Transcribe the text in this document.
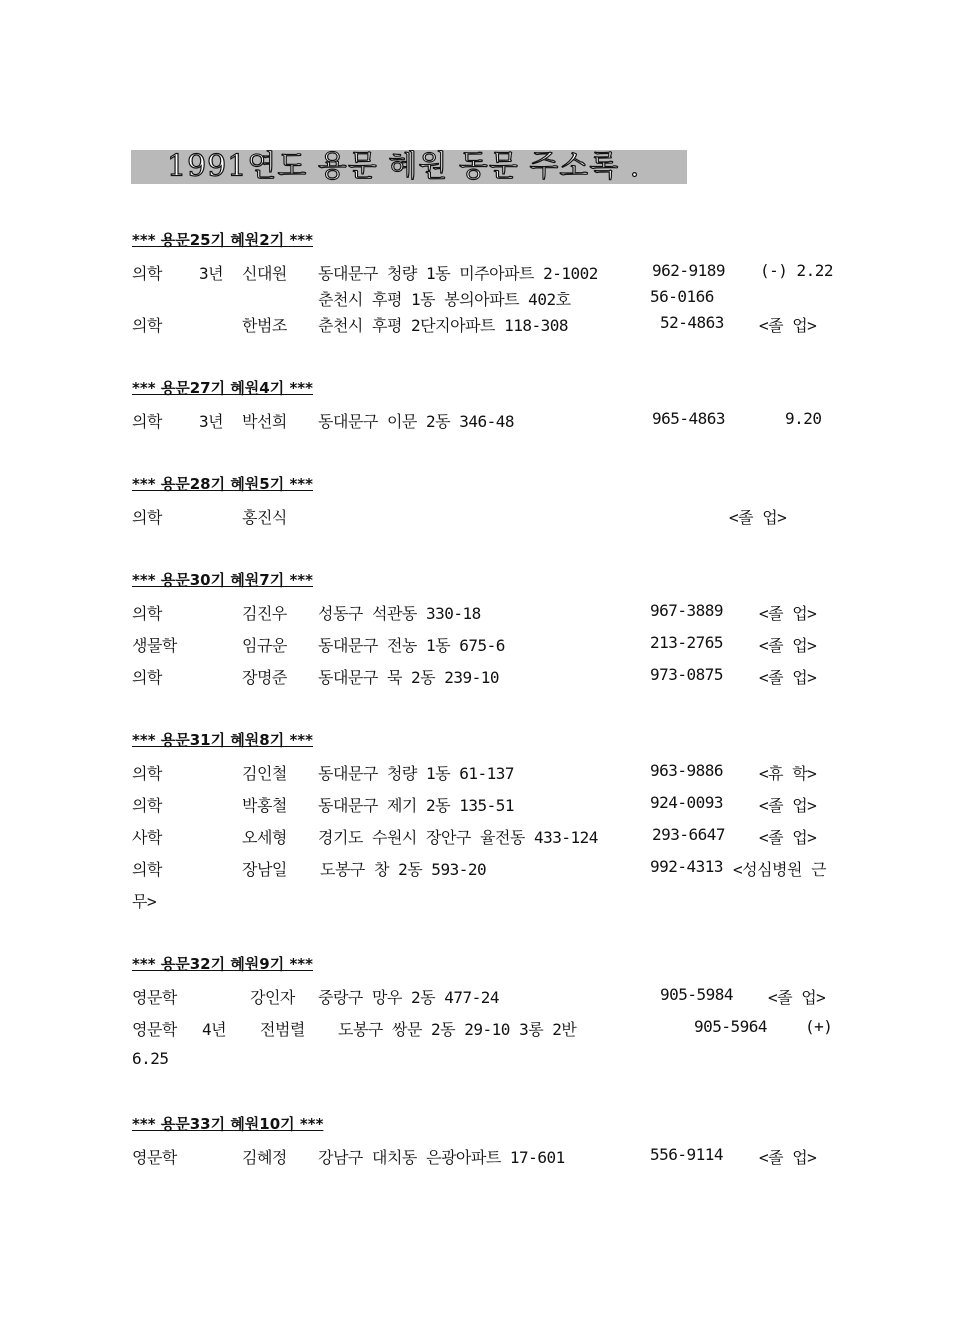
1991연도 용문 혜원 동문 주소록 .
*** 용문25기 혜원2기 ***
의학 3년 신대원 동대문구 청량 1동 미주아파트 2-1002	962-9189 (-) 2.22
춘천시 후평 1동 봉의아파트 402호	56-0166
의학	한범조 춘천시 후평 2단지아파트 118-308	52-4863 <졸 업>
*** 용문27기 혜원4기 ***
의학 3년 박선희 동대문구 이문 2동 346-48	965-4863	9.20
*** 용문28기 혜원5기 ***
의학	홍진식	<졸 업>
*** 용문30기 혜원7기 ***
의학	김진우 성동구 석관동 330-18	967-3889 <졸 업>
생물학	임규운 동대문구 전농 1동 675-6	213-2765 <졸 업>
의학	장명준 동대문구 묵 2동 239-10	973-0875 <졸 업>
*** 용문31기 혜원8기 ***
의학	김인철 동대문구 청량 1동 61-137	963-9886 <휴 학>
의학	박홍철 동대문구 제기 2동 135-51	924-0093 <졸 업>
사학	오세형 경기도 수원시 장안구 율전동 433-124	293-6647 <졸 업>
의학	장남일 도봉구 창 2동 593-20	992-4313 <성심병원 근
무>
*** 용문32기 혜원9기 ***
영문학	강인자 중랑구 망우 2동 477-24	905-5984 <졸 업>
영문학 4년 전범렬 도봉구 쌍문 2동 29-10 3롱 2반	905-5964 (+)
6.25
*** 용문33기 혜원10기 ***
영문학	김혜정 강남구 대치동 은광아파트 17-601	556-9114 <졸 업>
